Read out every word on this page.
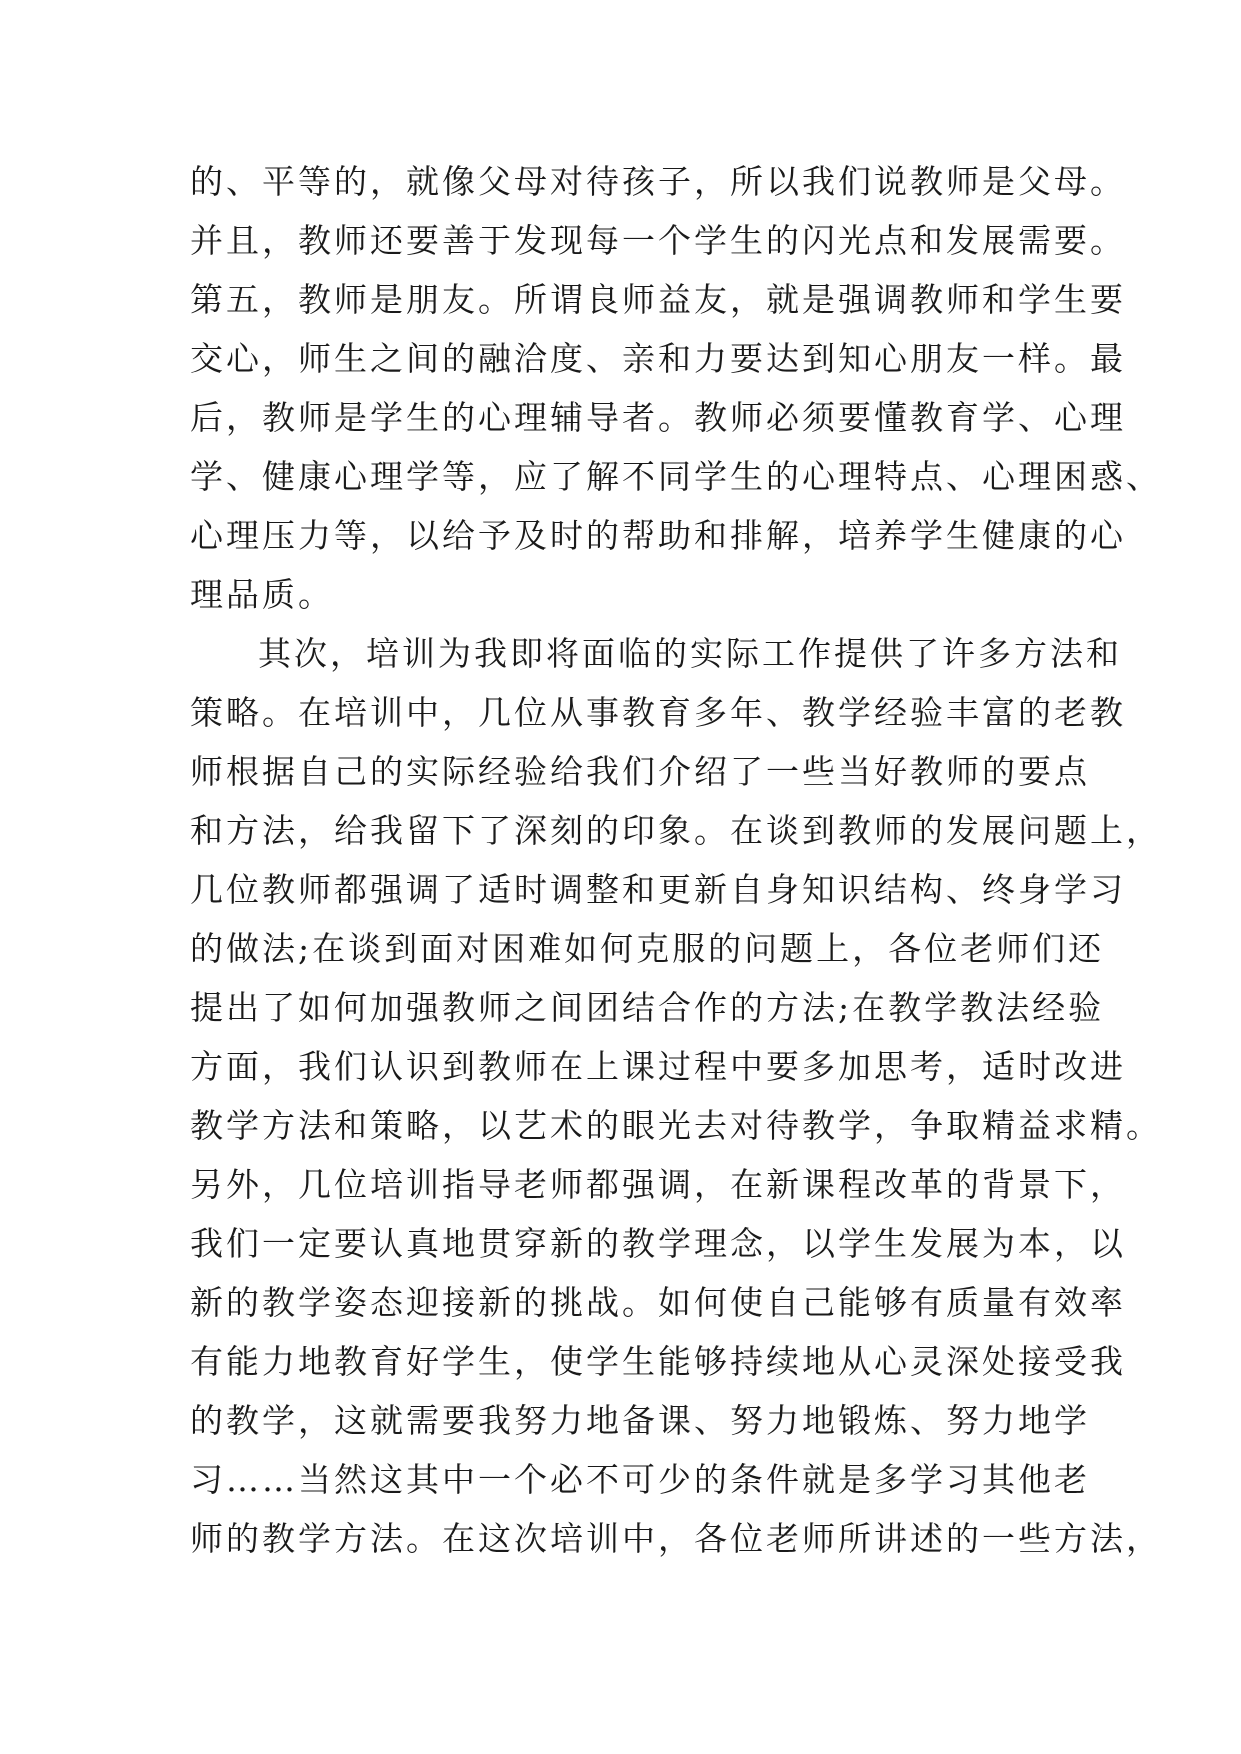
的、平等的，就像父母对待孩子，所以我们说教师是父母。
并且，教师还要善于发现每一个学生的闪光点和发展需要。
第五，教师是朋友。所谓良师益友，就是强调教师和学生要
交心，师生之间的融洽度、亲和力要达到知心朋友一样。最
后，教师是学生的心理辅导者。教师必须要懂教育学、心理
学、健康心理学等，应了解不同学生的心理特点、心理困惑、
心理压力等，以给予及时的帮助和排解，培养学生健康的心
理品质。
其次，培训为我即将面临的实际工作提供了许多方法和
策略。在培训中，几位从事教育多年、教学经验丰富的老教
师根据自己的实际经验给我们介绍了一些当好教师的要点
和方法，给我留下了深刻的印象。在谈到教师的发展问题上，
几位教师都强调了适时调整和更新自身知识结构、终身学习
的做法;在谈到面对困难如何克服的问题上，各位老师们还
提出了如何加强教师之间团结合作的方法;在教学教法经验
方面，我们认识到教师在上课过程中要多加思考，适时改进
教学方法和策略，以艺术的眼光去对待教学，争取精益求精。
另外，几位培训指导老师都强调，在新课程改革的背景下，
我们一定要认真地贯穿新的教学理念，以学生发展为本，以
新的教学姿态迎接新的挑战。如何使自己能够有质量有效率
有能力地教育好学生，使学生能够持续地从心灵深处接受我
的教学，这就需要我努力地备课、努力地锻炼、努力地学
习……当然这其中一个必不可少的条件就是多学习其他老
师的教学方法。在这次培训中，各位老师所讲述的一些方法，
